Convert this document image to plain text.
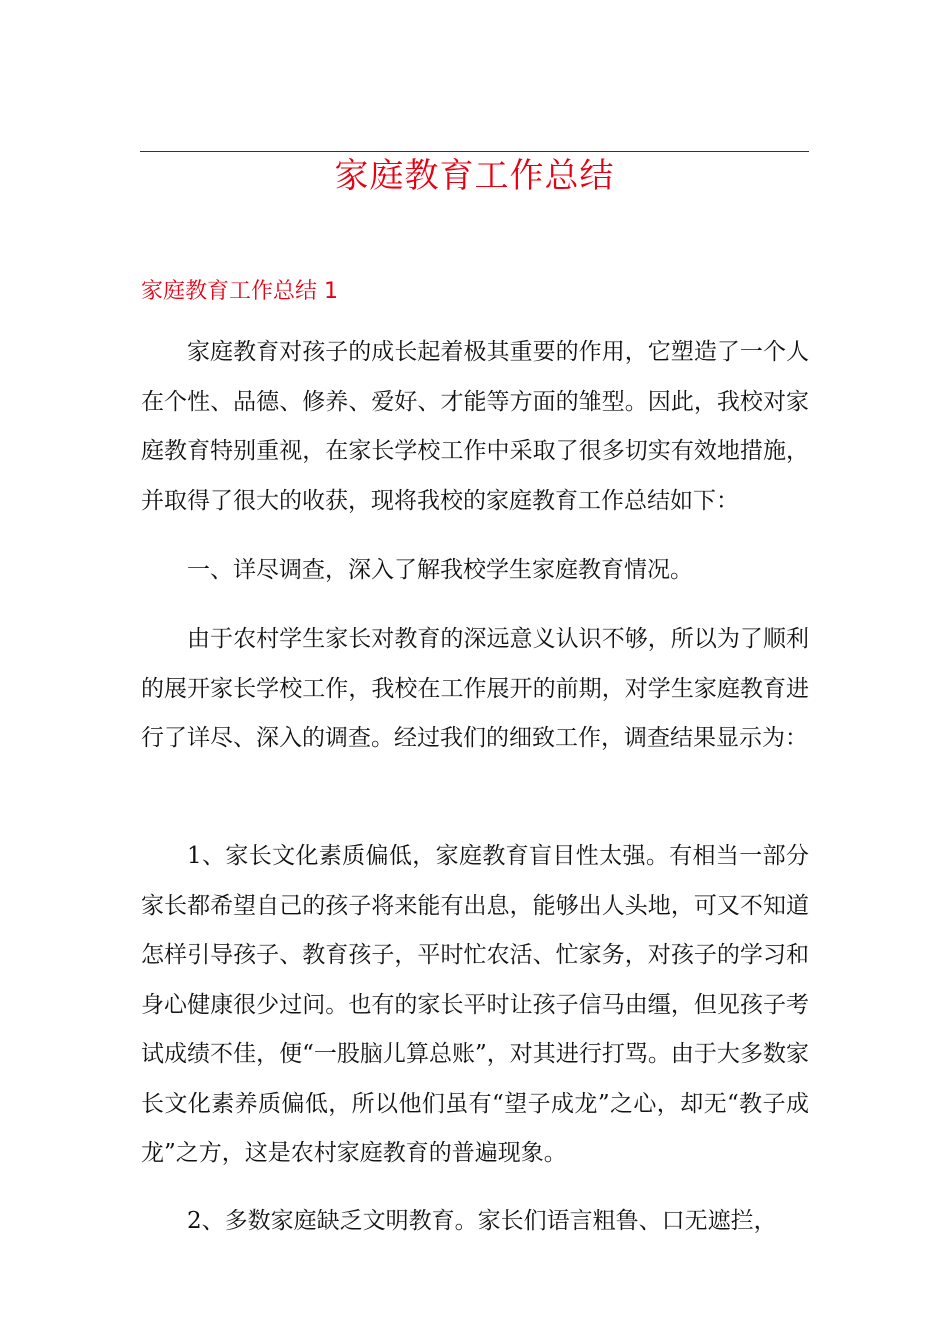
家庭教育工作总结
家庭教育工作总结 1

家庭教育对孩子的成长起着极其重要的作用，它塑造了一个人在个性、品德、修养、爱好、才能等方面的雏型。因此，我校对家庭教育特别重视，在家长学校工作中采取了很多切实有效地措施，并取得了很大的收获，现将我校的家庭教育工作总结如下：

一、详尽调查，深入了解我校学生家庭教育情况。

由于农村学生家长对教育的深远意义认识不够，所以为了顺利的展开家长学校工作，我校在工作展开的前期，对学生家庭教育进行了详尽、深入的调查。经过我们的细致工作，调查结果显示为：

1、家长文化素质偏低，家庭教育盲目性太强。有相当一部分家长都希望自己的孩子将来能有出息，能够出人头地，可又不知道怎样引导孩子、教育孩子，平时忙农活、忙家务，对孩子的学习和身心健康很少过问。也有的家长平时让孩子信马由缰，但见孩子考试成绩不佳，便“一股脑儿算总账”，对其进行打骂。由于大多数家长文化素养质偏低，所以他们虽有“望子成龙”之心，却无“教子成龙”之方，这是农村家庭教育的普遍现象。

2、多数家庭缺乏文明教育。家长们语言粗鲁、口无遮拦，
